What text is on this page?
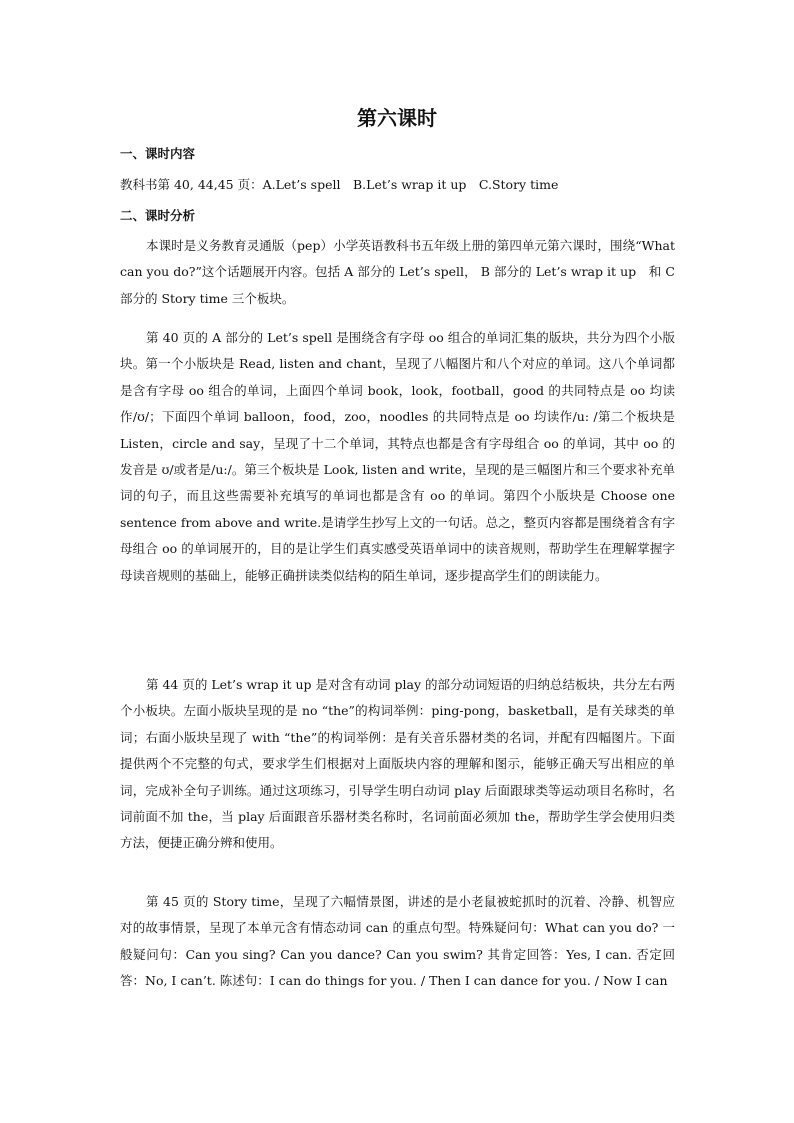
第六课时
一、课时内容

教科书第 40, 44,45 页：A.Let’s spell　B.Let’s wrap it up　C.Story time

二、课时分析

本课时是义务教育灵通版（pep）小学英语教科书五年级上册的第四单元第六课时，围绕“What can you do?”这个话题展开内容。包括 A 部分的 Let’s spell， B 部分的 Let’s wrap it up　和 C 部分的 Story time 三个板块。

第 40 页的 A 部分的 Let’s spell 是围绕含有字母 oo 组合的单词汇集的版块，共分为四个小版块。第一个小版块是 Read, listen and chant，呈现了八幅图片和八个对应的单词。这八个单词都是含有字母 oo 组合的单词，上面四个单词 book，look，football，good 的共同特点是 oo 均读作/ʊ/；下面四个单词 balloon，food，zoo，noodles 的共同特点是 oo 均读作/u: /第二个板块是 Listen，circle and say，呈现了十二个单词，其特点也都是含有字母组合 oo 的单词，其中 oo 的发音是 ʊ/或者是/u:/。第三个板块是 Look, listen and write，呈现的是三幅图片和三个要求补充单词的句子，而且这些需要补充填写的单词也都是含有 oo 的单词。第四个小版块是 Choose one sentence from above and write.是请学生抄写上文的一句话。总之，整页内容都是围绕着含有字母组合 oo 的单词展开的，目的是让学生们真实感受英语单词中的读音规则，帮助学生在理解掌握字母读音规则的基础上，能够正确拼读类似结构的陌生单词，逐步提高学生们的朗读能力。

第 44 页的 Let’s wrap it up 是对含有动词 play 的部分动词短语的归纳总结板块，共分左右两个小板块。左面小版块呈现的是 no “the”的构词举例：ping-pong，basketball，是有关球类的单词；右面小版块呈现了 with “the”的构词举例：是有关音乐器材类的名词，并配有四幅图片。下面提供两个不完整的句式，要求学生们根据对上面版块内容的理解和图示，能够正确天写出相应的单词，完成补全句子训练。通过这项练习，引导学生明白动词 play 后面跟球类等运动项目名称时，名词前面不加 the，当 play 后面跟音乐器材类名称时，名词前面必须加 the，帮助学生学会使用归类方法，便捷正确分辨和使用。

第 45 页的 Story time，呈现了六幅情景图，讲述的是小老鼠被蛇抓时的沉着、冷静、机智应对的故事情景，呈现了本单元含有情态动词 can 的重点句型。特殊疑问句：What can you do? 一般疑问句：Can you sing? Can you dance? Can you swim? 其肯定回答：Yes, I can. 否定回答：No, I can’t. 陈述句：I can do things for you. / Then I can dance for you. / Now I can
